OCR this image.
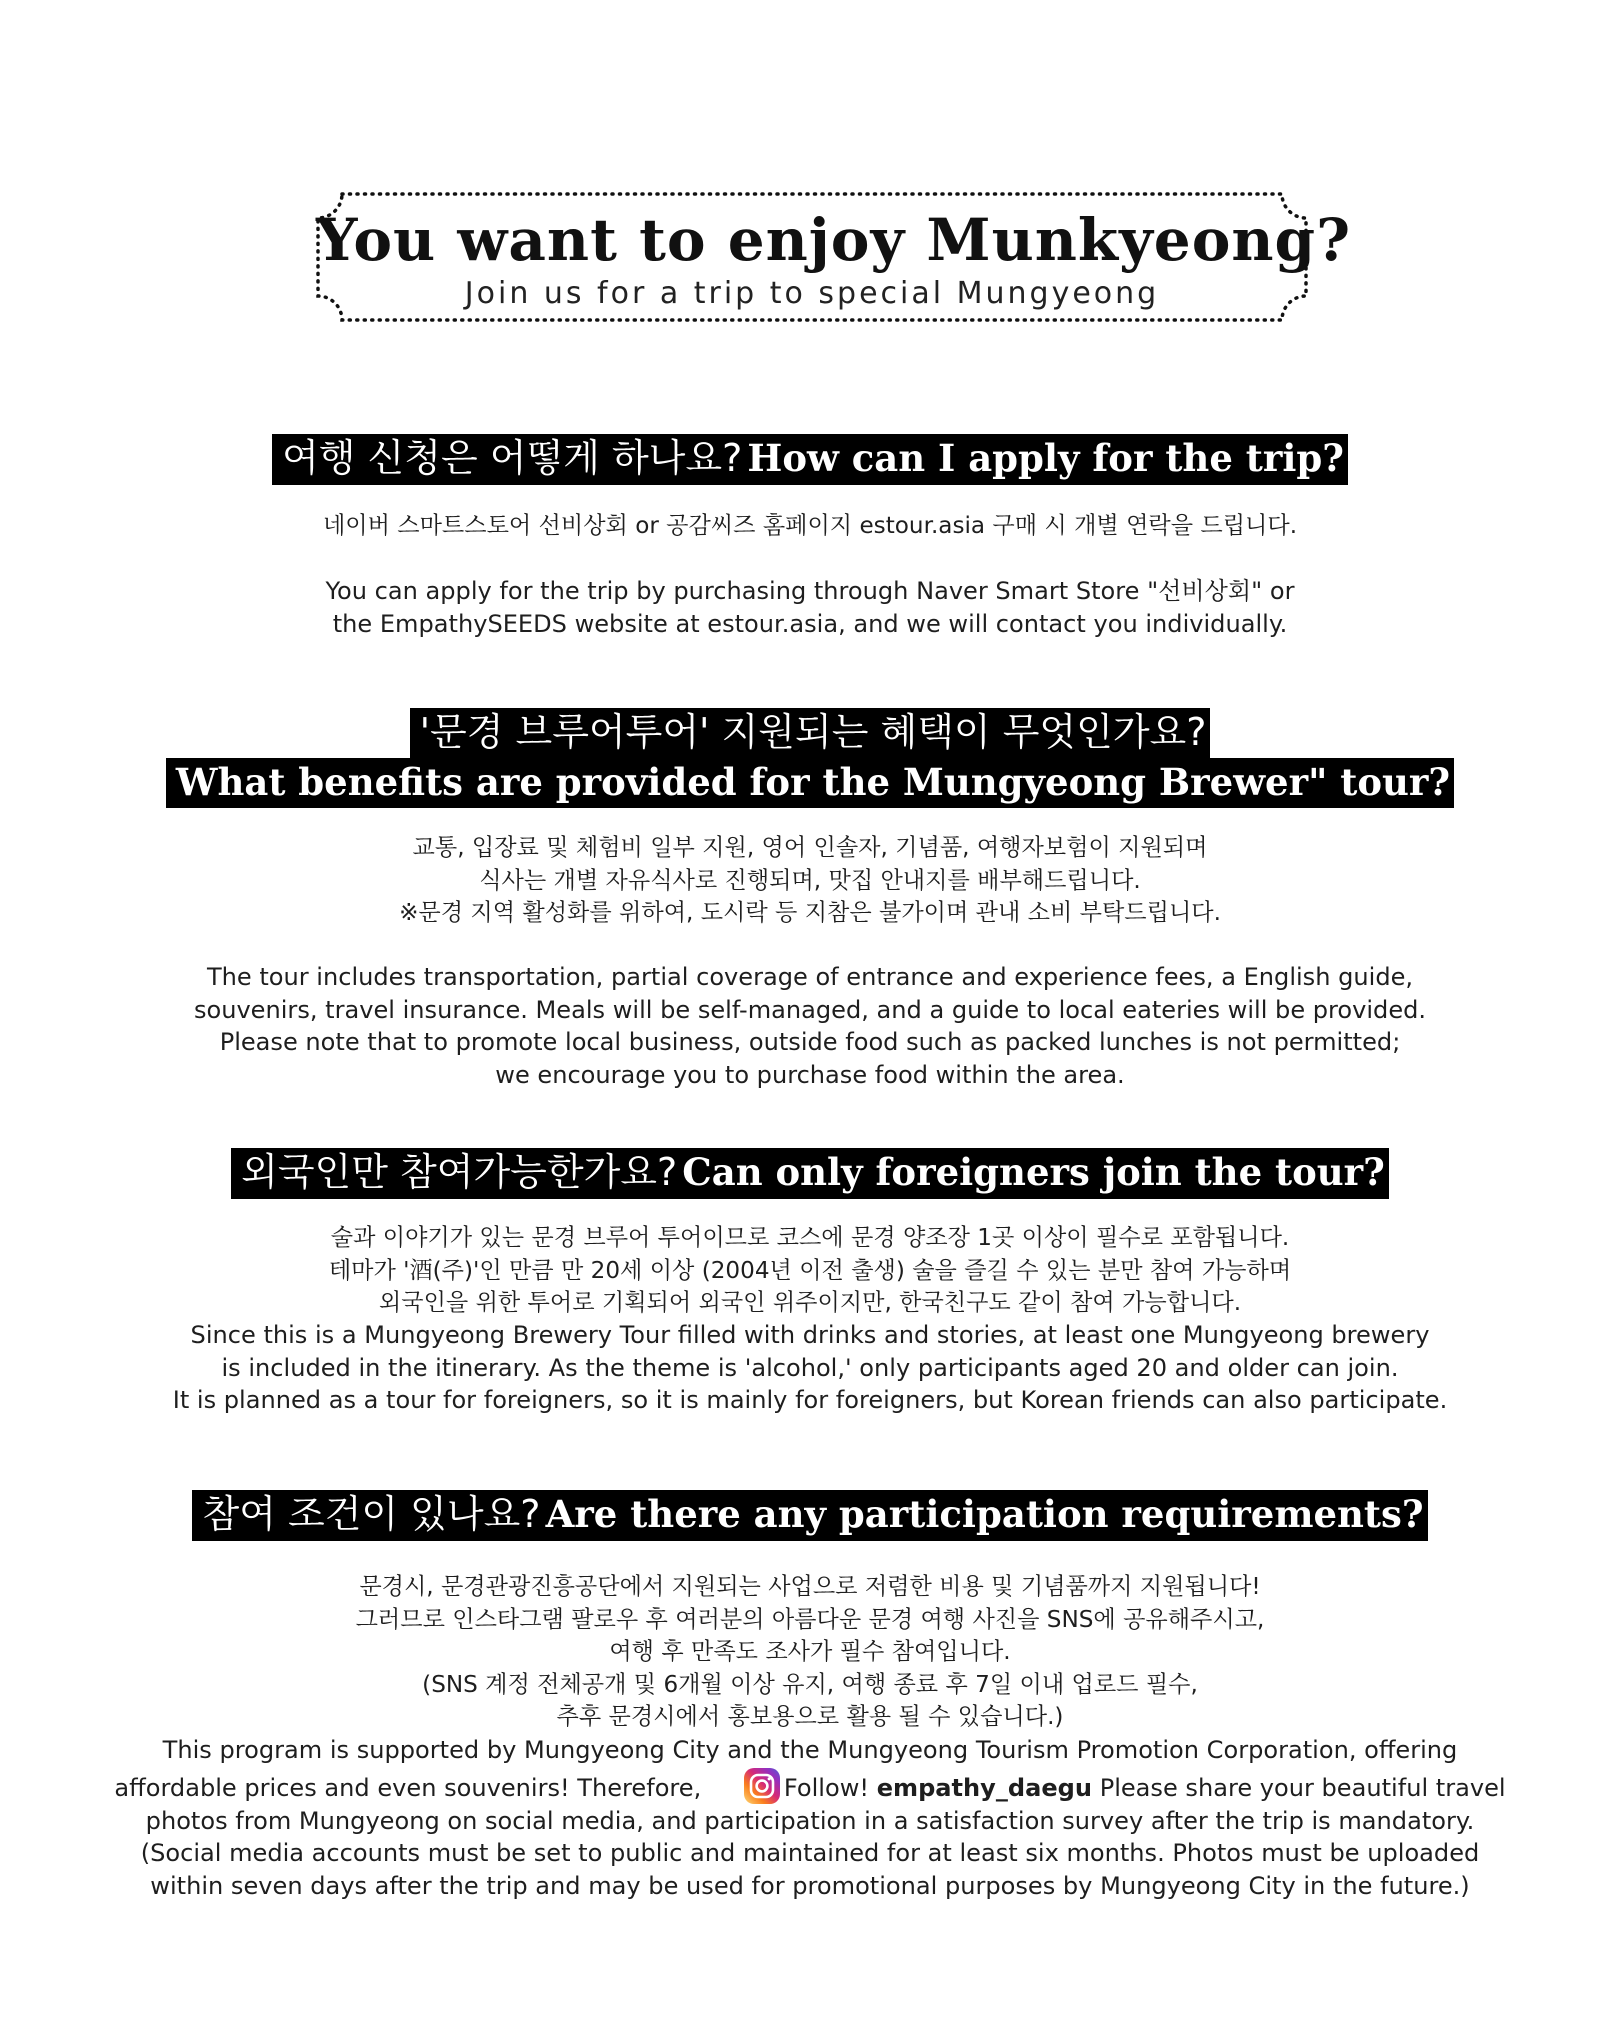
You want to enjoy Munkyeong?
Join us for a trip to special Mungyeong
여행 신청은 어떻게 하나요? How can I apply for the trip?
네이버 스마트스토어 선비상회 or 공감씨즈 홈페이지 estour.asia 구매 시 개별 연락을 드립니다.
You can apply for the trip by purchasing through Naver Smart Store "선비상회" or
the EmpathySEEDS website at estour.asia, and we will contact you individually.
'문경 브루어투어' 지원되는 혜택이 무엇인가요?
What benefits are provided for the Mungyeong Brewer" tour?
교통, 입장료 및 체험비 일부 지원, 영어 인솔자, 기념품, 여행자보험이 지원되며
식사는 개별 자유식사로 진행되며, 맛집 안내지를 배부해드립니다.
※문경 지역 활성화를 위하여, 도시락 등 지참은 불가이며 관내 소비 부탁드립니다.
The tour includes transportation, partial coverage of entrance and experience fees, a English guide,
souvenirs, travel insurance. Meals will be self-managed, and a guide to local eateries will be provided.
Please note that to promote local business, outside food such as packed lunches is not permitted;
we encourage you to purchase food within the area.
외국인만 참여가능한가요? Can only foreigners join the tour?
술과 이야기가 있는 문경 브루어 투어이므로 코스에 문경 양조장 1곳 이상이 필수로 포함됩니다.
테마가 '酒(주)'인 만큼 만 20세 이상 (2004년 이전 출생) 술을 즐길 수 있는 분만 참여 가능하며
외국인을 위한 투어로 기획되어 외국인 위주이지만, 한국친구도 같이 참여 가능합니다.
Since this is a Mungyeong Brewery Tour filled with drinks and stories, at least one Mungyeong brewery
is included in the itinerary. As the theme is 'alcohol,' only participants aged 20 and older can join.
It is planned as a tour for foreigners, so it is mainly for foreigners, but Korean friends can also participate.
참여 조건이 있나요? Are there any participation requirements?
문경시, 문경관광진흥공단에서 지원되는 사업으로 저렴한 비용 및 기념품까지 지원됩니다!
그러므로 인스타그램 팔로우 후 여러분의 아름다운 문경 여행 사진을 SNS에 공유해주시고,
여행 후 만족도 조사가 필수 참여입니다.
(SNS 계정 전체공개 및 6개월 이상 유지, 여행 종료 후 7일 이내 업로드 필수,
추후 문경시에서 홍보용으로 활용 될 수 있습니다.)
This program is supported by Mungyeong City and the Mungyeong Tourism Promotion Corporation, offering
affordable prices and even souvenirs! Therefore,	Follow! empathy_daegu Please share your beautiful travel
photos from Mungyeong on social media, and participation in a satisfaction survey after the trip is mandatory.
(Social media accounts must be set to public and maintained for at least six months. Photos must be uploaded
within seven days after the trip and may be used for promotional purposes by Mungyeong City in the future.)
